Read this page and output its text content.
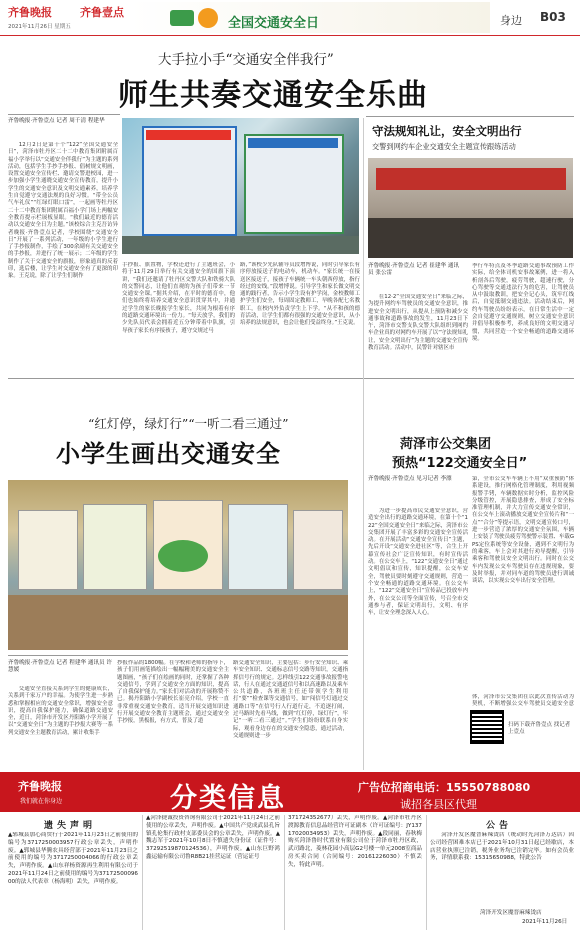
齐鲁晚报	齐鲁壹点
2021年11月26日 星期五	全国交通安全日	身边 B03
大手拉小手“交通安全伴我行”
师生共奏交通安全乐曲
齐鲁晚报·齐鲁壹点 记者 周千清 程建华
12月2日是第十个“122”全国交通安全日”，菏泽市牡丹区二十二中教育集团附属百福小学举行以“交通安全伴我行”为主题的系列活动，包括学生手抄手抄报、倡树规文明画，设置交通安全宣传栏、邀请交警进校园，进一步加强小学生通晓交通安全宣传教育，提升小学生的交通安全意识及文明交通素养，培养学生自觉遵守交通法规的良好习惯。“带全公员气车礼仪”“红绿灯眼口雷”，一起画等牡丹区二十二中教育集团附属百福小学门场上两幅安全教育提示栏展板显眼。“救们最近的德育活动以交通安全日为主题。”该校综合主克吾访异者晚报·齐鲁壹点记者，学校围绕“交通安全日”开展了一系列活动，一年级的小学生进行了手抄报制作，手绘了300余副有关交通安全的手抄报，并进行了统一展示；二年级的学生制作了关于交通安全的旗报，形象通真的反着印，选后楼，让学生对交通安全有了更深的印象。王克说，除了让学生们制作
手抄报、旗置物，学校还进行了主题班会，小将于11月29日举行有关交通安全的国旗下演讲，“我们还邀请了牡丹区交警大队和铁骑大队的交警同志，让他们直观的为孩子们带来一节交通安全课。”据其介绍，在平时的德育中，他们也始终将培养交通安全意识贯穿其中，并通过学生的家长晚报学生家长，共同为根着有序的道路交通环境出一份力。“每天放学，我们的少先队员代表会拥着近五分钟带着中队旗，引导孩子家长有序接孩子，遵守交规过马
路，”该校少先队辅导员段增博说，同时引导家长有序停放接送子的电动车，机动车。“家长统一在接送区接送子，接孩子车辆统一车头朝西停放，指行经过的安线。”段增博说。引导学生和家长做文明交通的践行者，告示小学生设有护学岗，金校教师工护学生们安全，每周固定教师工，早晚各配七名教职工，在校内外负责学生上下学。“从不和孩的德育活动，让学生们都有很强的交通安全意识，从小培养的法规意识，也会让他们受益终身。”王克说。
守法规知礼让，安全文明出行
交警到网约车企业交通安全主题宣传跟练活动
齐鲁晚报·齐鲁壹点 记者 崔建华 通讯员 张公雷
在12·2”全国交通安全日”来临之际，为提升网约车驾驶员的交通安全意识，推进安全文明出行，从提从上预防和减少交通事故和道路事故的发生，11月23日下午，菏泽市交警支队交警大队组织到网约车企业真的对网约车开展了以“守法规知礼让，安全文明出行”为主题的交通安全宣传教育活动。活动中，民警针对辖区市
季行车特点及冬季道路交通事故预防工作实际，给全体司机安事故案例，进一将入析剖各后驾驶，疲劳驾驶，超速行驶，分心驾驶等交通违法行为的危害，让驾驶员从中汲取教训，把安全记心头，筑牢红线后，自觉抵制交通违法。活动结束后，网约车驾驶员纷纷表示，在日常生活中一定会自觉遵守交通规则，树立交通安全意识并倡导积极参考，养成良好的文明交通习惯，共同营造一个安全畅通的道路交通环境。
“红灯停，绿灯行”“一听二看三通过”
小学生画出交通安全
齐鲁晚报·齐鲁壹点 记者 程建华 通讯员 许慧媛
交通安全直接关系到学生的健康成长，关系到千家万户的幸福。为使学生进一步熟悉和掌握相应的交通安全常识，增强安全意识，提高自我保护能力，确保道路交通安全，近日，菏泽市开发区丹阳路小学开展了以“交通安全日”为主题的手抄报大赛等一系列交通安全主题教育活动，累计收集手
抄报作品的1800幅。在学校和老师的指导下，孩子们用画笔描绘出一幅幅精美的交通安全主题图画，“孩子们在绘画的同时，还掌握了各种交通信号，学到了交通安全方面的知识，提高了自我保护能力。”家长们对活动的开展称赞不已。揭丹阳路小学副校长崔亮介绍，学校一直非常重视交通安全教育，适当开展交通知识进行开展交通安全教育主题班会，通过交通安全手抄报，黑板报，有方式，普及了道
路交通安全知识，主要包括：步行安全知识、乘车安全知识、交通标志信号交路等知识，交通指挥信号行的规定。怎样线引122交通事故报警电话，行人在通过交通道信号和以高速路以及乘车公共道路，各班班主任还带领学生利用打“要””检查课等交通信号，如“闯信号灯通过交通路口等”在信号行人行道行走，不追逐打闹，过马路时先看马线，做到“红灯停，绿灯行”，牢记“一听二看三通过”。”学生们纷纷联系自身实际，观看身边存在的交通安全隐患，通过活动，交通规则进一步
菏泽市公交集团
预热“122交通安全日”
齐鲁晚报·齐鲁壹点 见习记者 李漂
为进一步提高市民交通安全意识，营造安全出行的道路交通环境，在第十个“122”全国交通安全日”来临之际，菏泽市公交集团开展了丰富多彩的交通安全宣传活动。在开展活动“交通安全宣传日”主题，先后开设“交通安全进社区”等，合生上开幕宣传社会广泛宣传知识，有时宣传活动。在公交车上，“122”交通安全日”通过文明倡议和宣传，知识提醒，公交车安全，驾驶员要时刻遵守交通规则，营造一个安全畅通的道路交通环境。在公交车上，“122”交通安全日”宣传品已投放车内外，在公交公司等全面宣传，号召全市交通参与者，保证文明出行，文明、有序车，让安全理念深入人心。
第，全市公交车车辆上不用“双重预防”体系建设，推行网格化管理制度，利用视频报警手铐，车辆数据实时分析，监控风险分级管控，开展隐患排查，形成了安全标准管理机制，并大力宣传交通安全常识，在公交车上滚动播放交通安全宣传片和“一点”“合分”等提示语，文明交通宣传口号，进一步营造了浓厚的交通安全氛围，车辆上安装了驾驶员疲劳驾驶警示装置、车载GPS定位系统等安全设备，遇到不文明行为的乘客，车上会对其进行劝导提醒，引导乘客和驾驶员安全文明出行。同时在公交车内发现公交车驾驶员存在违规现象，要及时举报，并对同车道的驾驶员进行训诫谈话，以实现公交车出行安全管理。
体，菏泽市公交集团在以此次直传活动为契机，不断增强公交车驾驶员交通安全意
扫码下载齐鲁壹点 找记者 上壹点
齐鲁晚报
我们就在你身边	分类信息	广告位招商电话：15550788080
诚招各县区代理
遗失声明	公告
▲郓城县加心商贸行于2021年11月23日之前使用的编号为3717250003957行政公章丢失，声明作废。▲郓城县华腾农具经营部于2021年11月23日之前使用的编号为3717250004066的行政公章丢失，声明作废。▲山东祥杨资源再生利用有限公司于2021年11月24日之前使用的编号为3717250009600的法人代表章（杨海明）丢失，声明作废。
▲菏泽捷诚投资咨询有限公司于2021年11月24日之前使用的公章丢失，声明作废。▲中国共产党成武县孔旨镇孔伦集行政村支部委员会的公章丢失，声明作废。▲魏志军于2021年10月8日不慎遗失身份证（证件号：37292519870124536），声明作废。▲山东巨野鸿鑫运输有限公司鲁R8B21挂营运证（营运证号
371724352677）丢失，声明作废。▲菏泽市牡丹区渡源教育信息品经营许可证副本（许可证编号：JY13717020034953）丢失，声明作废。▲段同丽，春秋梅购买菏泽鲁时代置业有限公司位于菏泽市牡丹区政，武司路北，菱林花园小高层G2号楼一单元2008室商品房买卖合同（合同编号：20161226030）不慎丢失，特此声明。
菏泽开发区魔晋麻辣烫店（统动时光菏泽万达店）因公司经营困难本店已于2021年10月31日起已经歇店，本店营业执照已注销，税务业务均已注销完毕。如有会员业务，详情联系我：15315650988，特此公告
菏泽开发区魔晋麻辣烫店
2021年11月26日
